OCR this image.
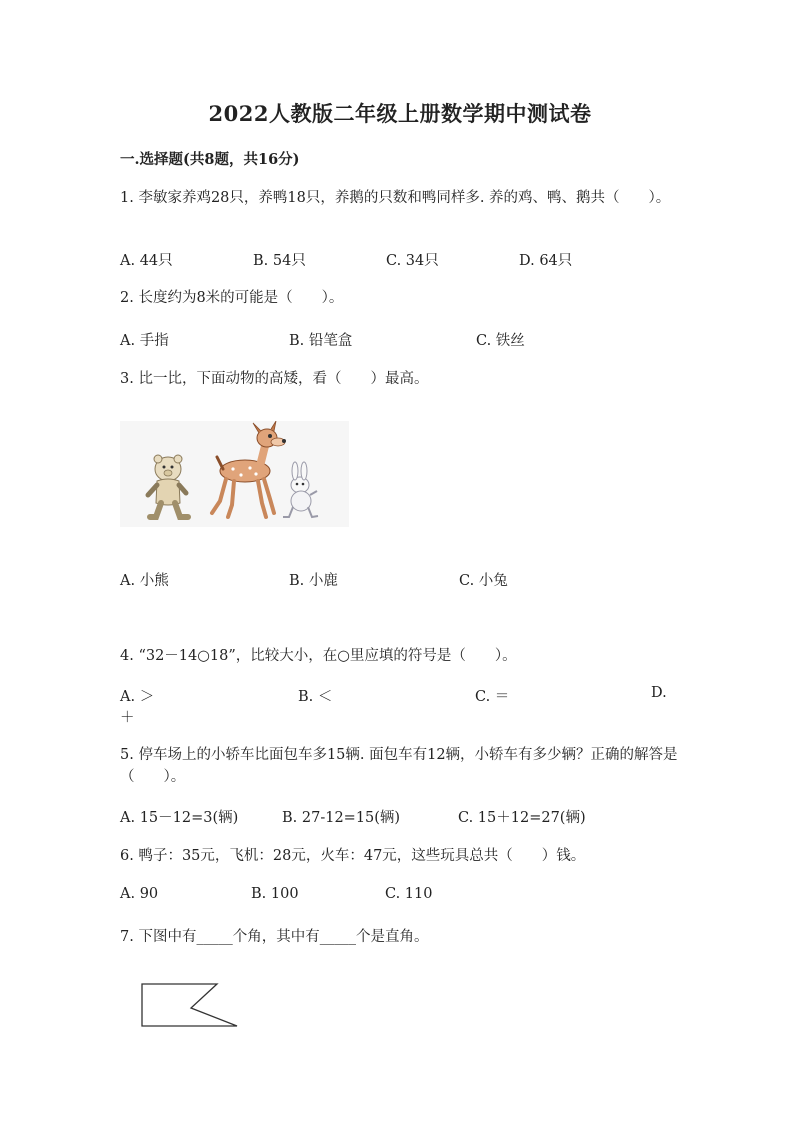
2022人教版二年级上册数学期中测试卷
一.选择题(共8题，共16分)
1. 李敏家养鸡28只，养鸭18只，养鹅的只数和鸭同样多. 养的鸡、鸭、鹅共（　　）。
A. 44只	B. 54只	C. 34只	D. 64只
2. 长度约为8米的可能是（　　）。
A. 手指	B. 铅笔盒	C. 铁丝
3. 比一比，下面动物的高矮，看（　　）最高。
A. 小熊	B. 小鹿	C. 小兔
4. “32－14○18”，比较大小，在○里应填的符号是（　　）。
A. ＞	B. ＜	C. ＝	D.
＋
5. 停车场上的小轿车比面包车多15辆. 面包车有12辆，小轿车有多少辆？正确的解答是（　　）。
A. 15－12=3(辆)	B. 27-12=15(辆)	C. 15＋12=27(辆)
6. 鸭子：35元，飞机：28元，火车：47元，这些玩具总共（　　）钱。
A. 90	B. 100	C. 110
7. 下图中有_____个角，其中有_____个是直角。
